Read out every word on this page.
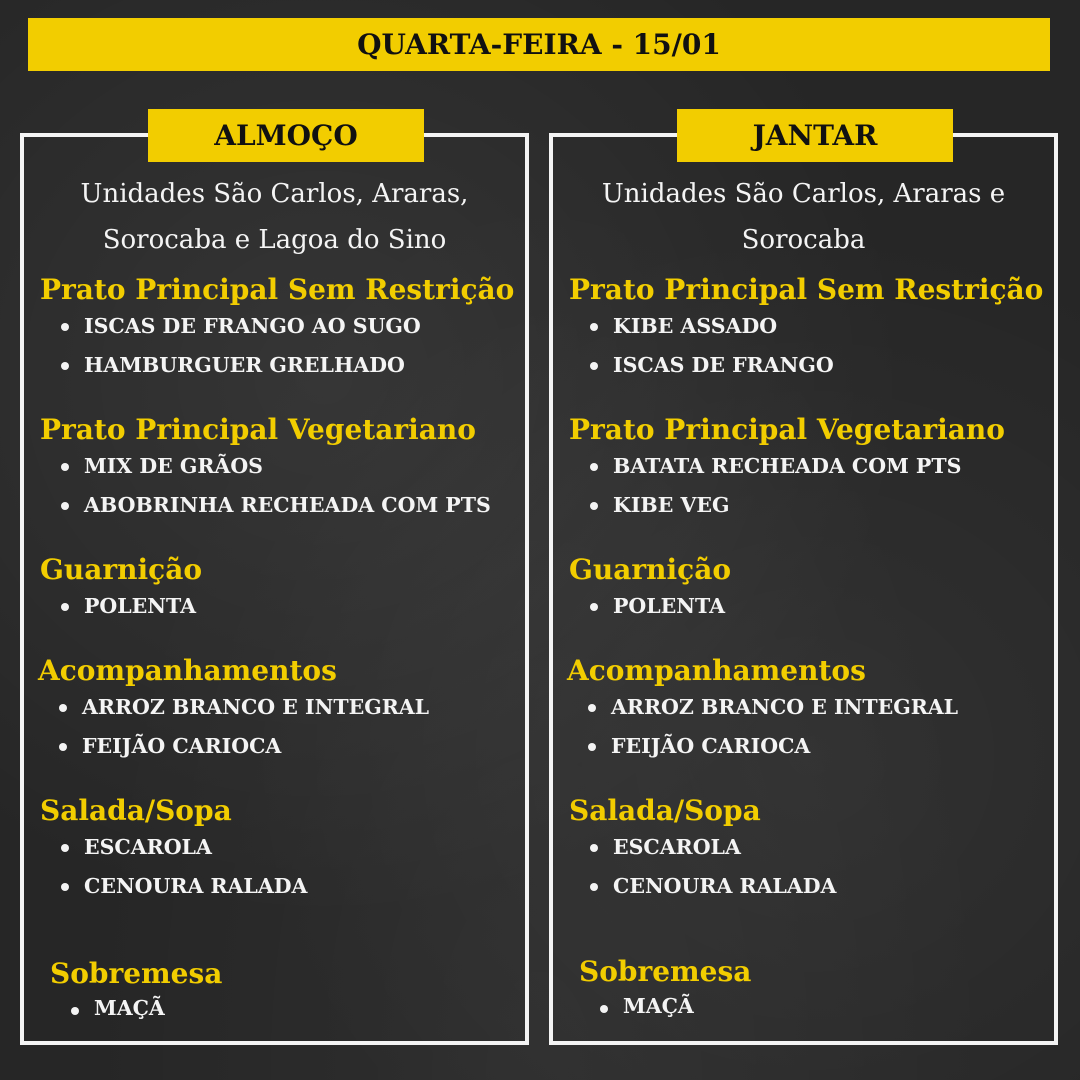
QUARTA-FEIRA - 15/01
ALMOÇO
Unidades São Carlos, Araras,
Sorocaba e Lagoa do Sino
Prato Principal Sem Restrição
ISCAS DE FRANGO AO SUGO
HAMBURGUER GRELHADO
Prato Principal Vegetariano
MIX DE GRÃOS
ABOBRINHA RECHEADA COM PTS
Guarnição
POLENTA
Acompanhamentos
ARROZ BRANCO E INTEGRAL
FEIJÃO CARIOCA
Salada/Sopa
ESCAROLA
CENOURA RALADA
Sobremesa
MAÇÃ
JANTAR
Unidades São Carlos, Araras e
Sorocaba
Prato Principal Sem Restrição
KIBE ASSADO
ISCAS DE FRANGO
Prato Principal Vegetariano
BATATA RECHEADA COM PTS
KIBE VEG
Guarnição
POLENTA
Acompanhamentos
ARROZ BRANCO E INTEGRAL
FEIJÃO CARIOCA
Salada/Sopa
ESCAROLA
CENOURA RALADA
Sobremesa
MAÇÃ
